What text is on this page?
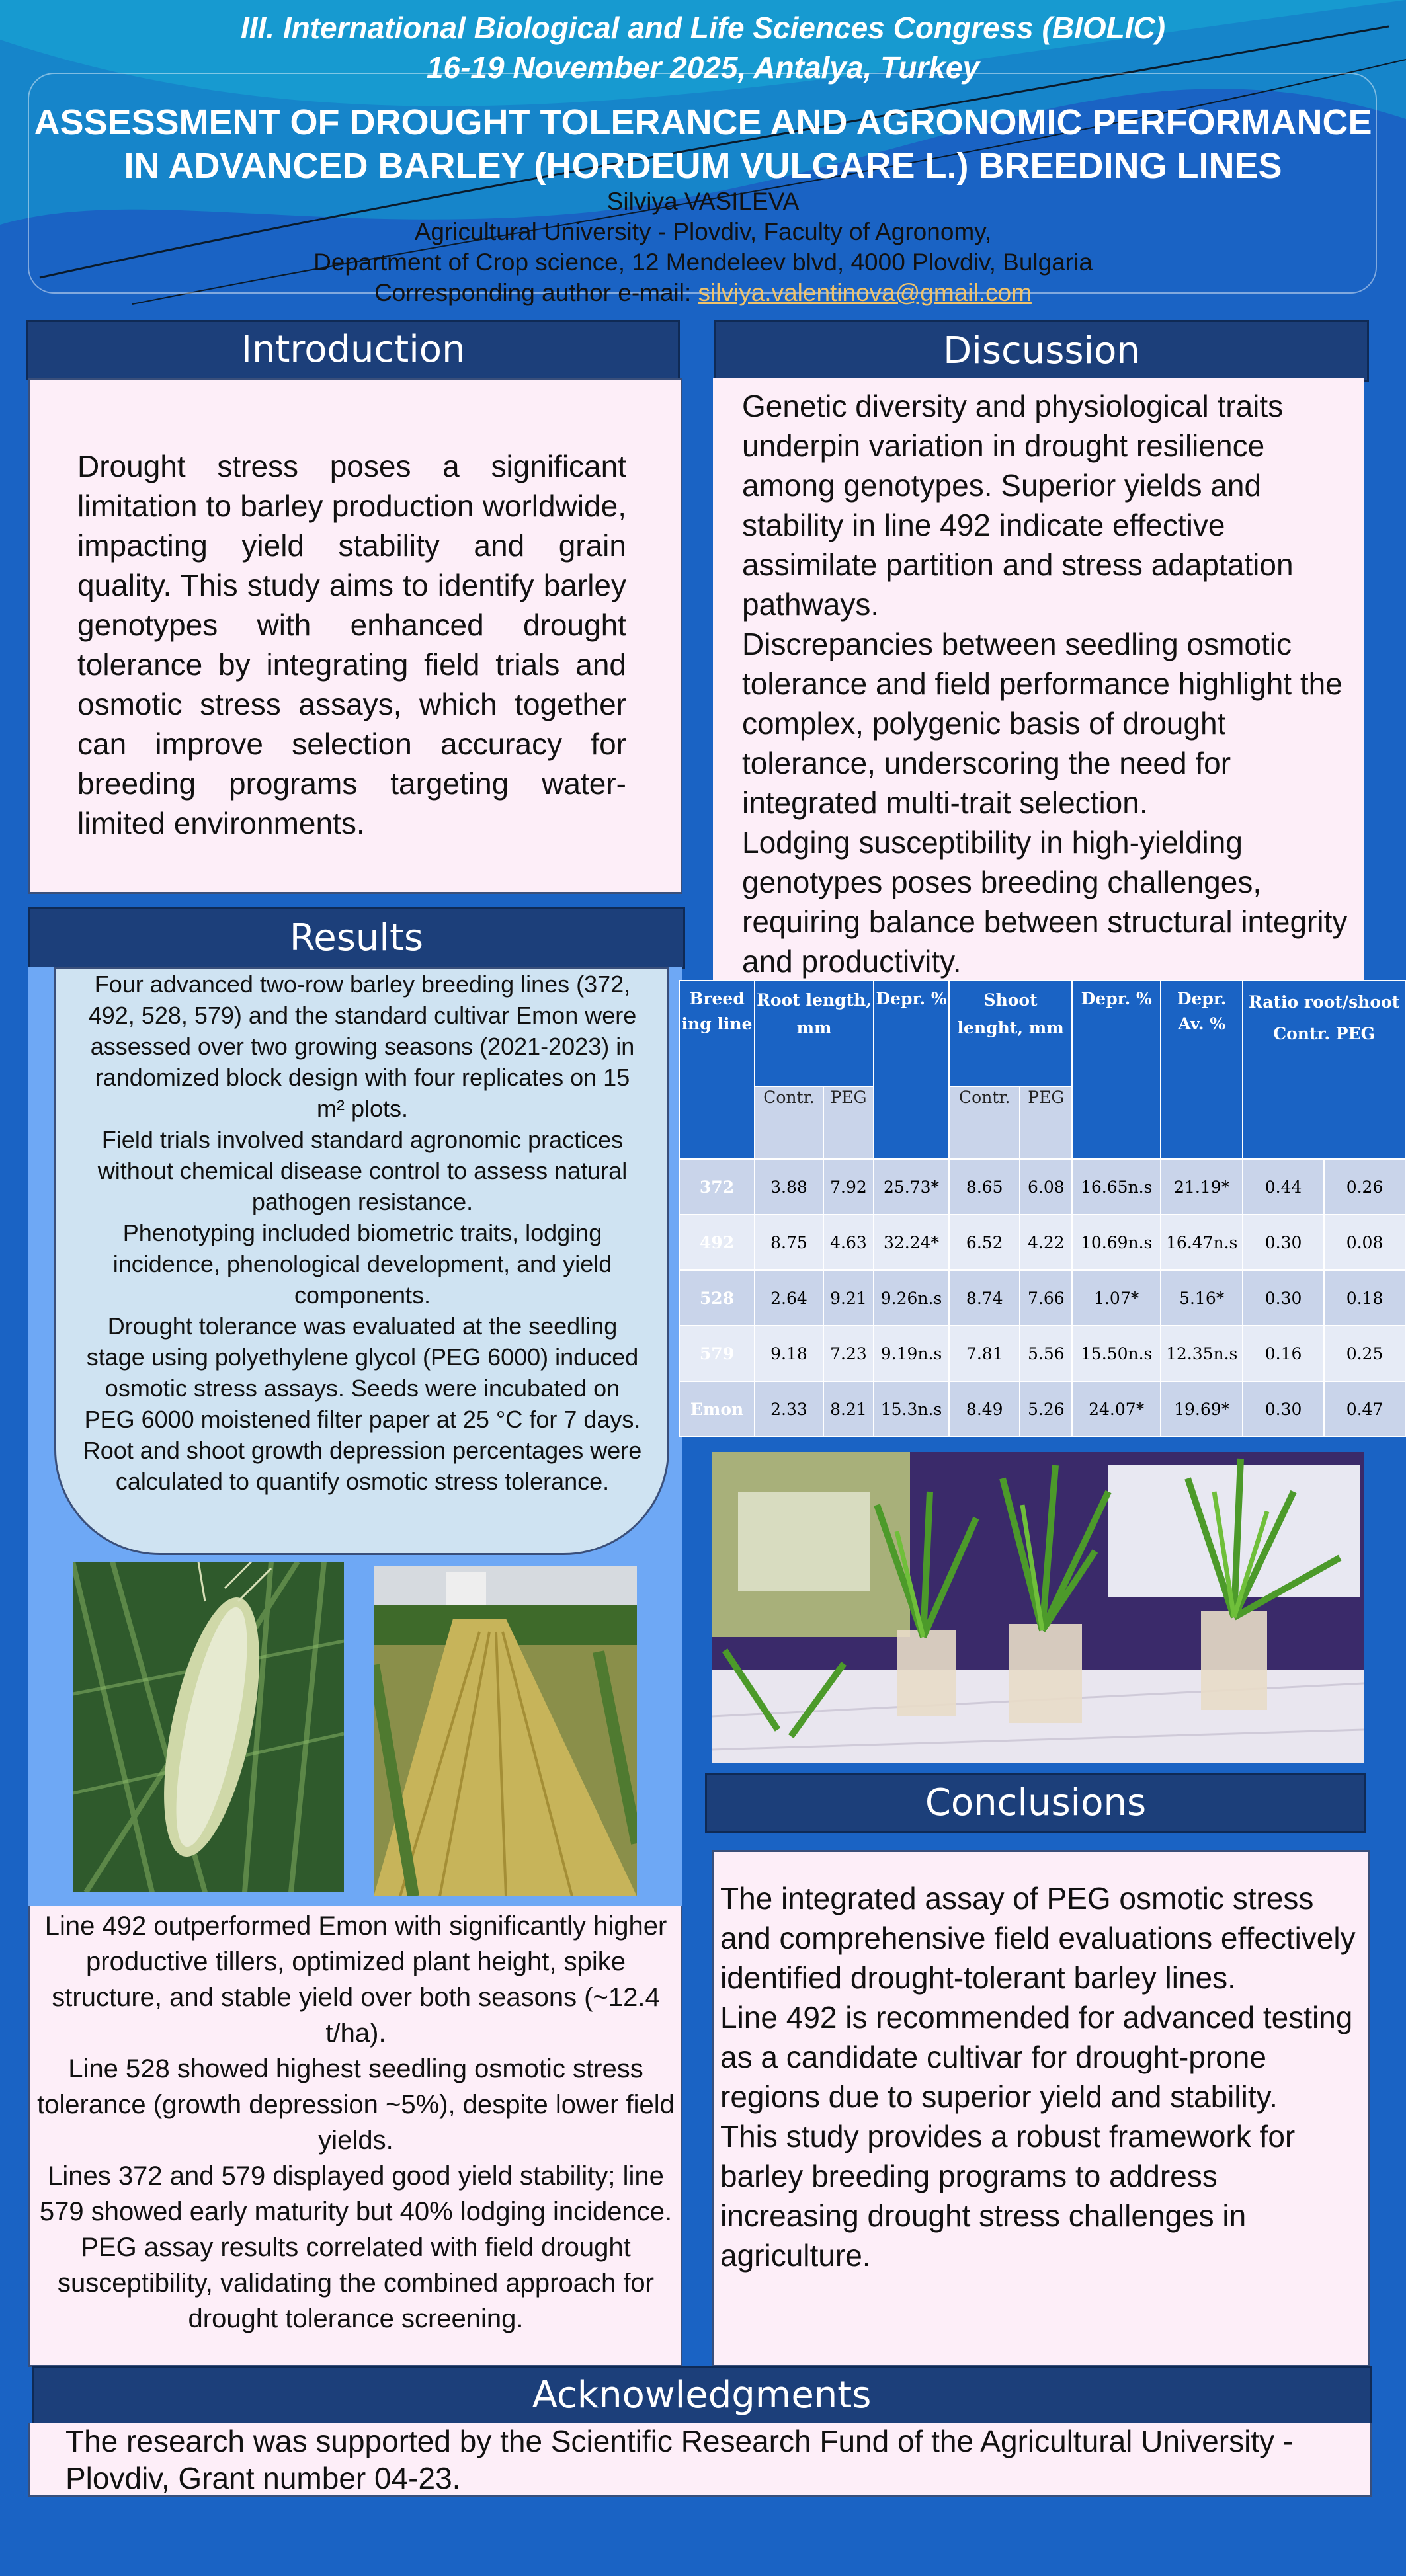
III. International Biological and Life Sciences Congress (BIOLIC)
16-19 November 2025, Antalya, Turkey
ASSESSMENT OF DROUGHT TOLERANCE AND AGRONOMIC PERFORMANCE
IN ADVANCED BARLEY (HORDEUM VULGARE L.) BREEDING LINES
Silviya VASILEVA
Agricultural University - Plovdiv, Faculty of Agronomy,
Department of Crop science, 12 Mendeleev blvd, 4000 Plovdiv, Bulgaria
Corresponding author e-mail: silviya.valentinova@gmail.com
Introduction
Drought stress poses a significant limitation to barley production worldwide, impacting yield stability and grain quality. This study aims to identify barley genotypes with enhanced drought tolerance by integrating field trials and osmotic stress assays, which together can improve selection accuracy for breeding programs targeting water-limited environments.
Results
Four advanced two-row barley breeding lines (372, 492, 528, 579) and the standard cultivar Emon were assessed over two growing seasons (2021-2023) in randomized block design with four replicates on 15 m² plots.
Field trials involved standard agronomic practices without chemical disease control to assess natural pathogen resistance.
Phenotyping included biometric traits, lodging incidence, phenological development, and yield components.
Drought tolerance was evaluated at the seedling stage using polyethylene glycol (PEG 6000) induced osmotic stress assays. Seeds were incubated on PEG 6000 moistened filter paper at 25 °C for 7 days. Root and shoot growth depression percentages were calculated to quantify osmotic stress tolerance.
Line 492 outperformed Emon with significantly higher productive tillers, optimized plant height, spike structure, and stable yield over both seasons (~12.4 t/ha).
Line 528 showed highest seedling osmotic stress tolerance (growth depression ~5%), despite lower field yields.
Lines 372 and 579 displayed good yield stability; line 579 showed early maturity but 40% lodging incidence.
PEG assay results correlated with field drought susceptibility, validating the combined approach for drought tolerance screening.
Discussion
Genetic diversity and physiological traits underpin variation in drought resilience among genotypes. Superior yields and stability in line 492 indicate effective assimilate partition and stress adaptation pathways.
Discrepancies between seedling osmotic tolerance and field performance highlight the complex, polygenic basis of drought tolerance, underscoring the need for integrated multi-trait selection.
Lodging susceptibility in high-yielding genotypes poses breeding challenges, requiring balance between structural integrity and productivity.
Breed ing line	Root length, mm		Depr. %	Shoot lenght, mm		Depr. %	Depr. Av. %	Ratio root/shoot Contr. PEG	
	Contr.	PEG		Contr.	PEG				
372	3.88	7.92	25.73*	8.65	6.08	16.65n.s	21.19*	0.44	0.26
492	8.75	4.63	32.24*	6.52	4.22	10.69n.s	16.47n.s	0.30	0.08
528	2.64	9.21	9.26n.s	8.74	7.66	1.07*	5.16*	0.30	0.18
579	9.18	7.23	9.19n.s	7.81	5.56	15.50n.s	12.35n.s	0.16	0.25
Emon	2.33	8.21	15.3n.s	8.49	5.26	24.07*	19.69*	0.30	0.47
Conclusions
The integrated assay of PEG osmotic stress and comprehensive field evaluations effectively identified drought-tolerant barley lines.
Line 492 is recommended for advanced testing as a candidate cultivar for drought-prone regions due to superior yield and stability.
This study provides a robust framework for barley breeding programs to address increasing drought stress challenges in agriculture.
Acknowledgments
The research was supported by the Scientific Research Fund of the Agricultural University - Plovdiv, Grant number 04-23.
